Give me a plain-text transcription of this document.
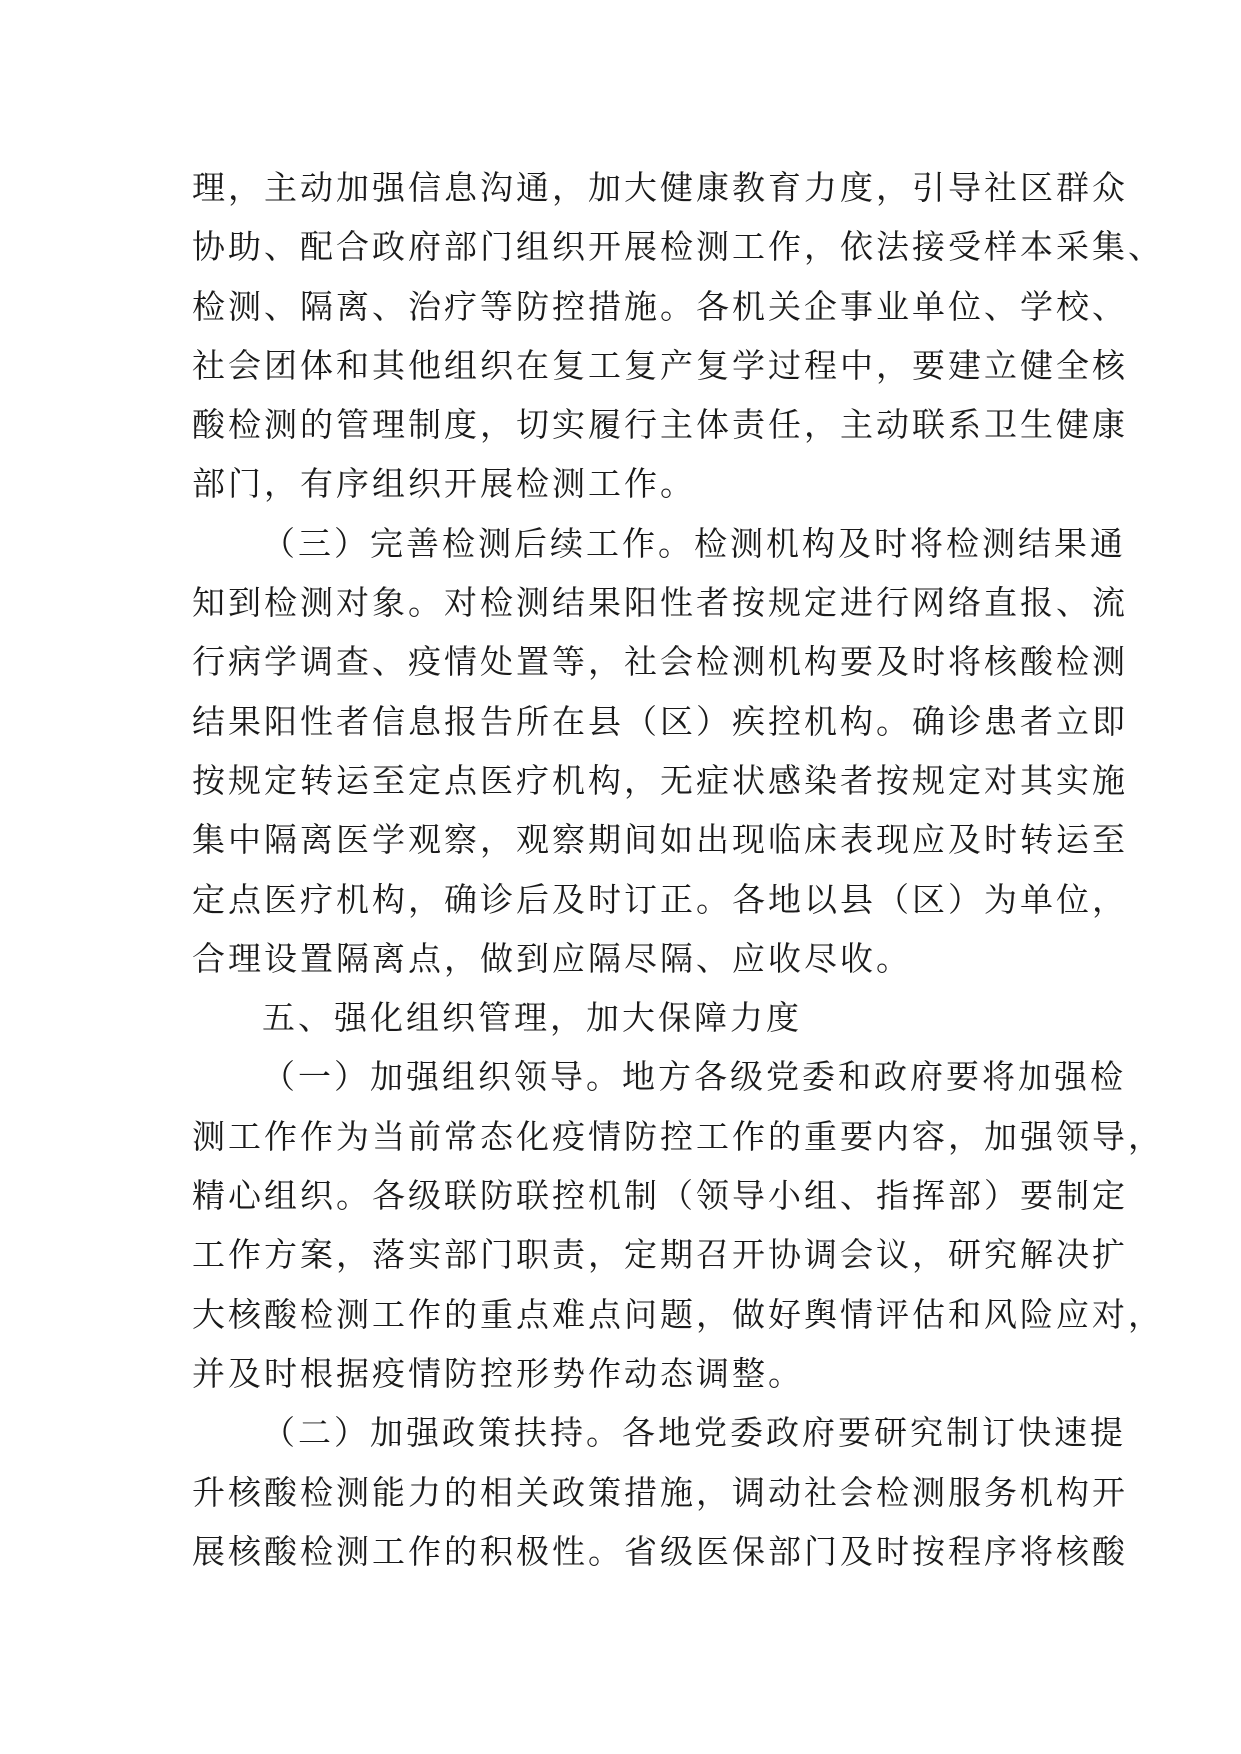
理，主动加强信息沟通，加大健康教育力度，引导社区群众
协助、配合政府部门组织开展检测工作，依法接受样本采集、
检测、隔离、治疗等防控措施。各机关企事业单位、学校、
社会团体和其他组织在复工复产复学过程中，要建立健全核
酸检测的管理制度，切实履行主体责任，主动联系卫生健康
部门，有序组织开展检测工作。
（三）完善检测后续工作。检测机构及时将检测结果通
知到检测对象。对检测结果阳性者按规定进行网络直报、流
行病学调查、疫情处置等，社会检测机构要及时将核酸检测
结果阳性者信息报告所在县（区）疾控机构。确诊患者立即
按规定转运至定点医疗机构，无症状感染者按规定对其实施
集中隔离医学观察，观察期间如出现临床表现应及时转运至
定点医疗机构，确诊后及时订正。各地以县（区）为单位，
合理设置隔离点，做到应隔尽隔、应收尽收。
五、强化组织管理，加大保障力度
（一）加强组织领导。地方各级党委和政府要将加强检
测工作作为当前常态化疫情防控工作的重要内容，加强领导，
精心组织。各级联防联控机制（领导小组、指挥部）要制定
工作方案，落实部门职责，定期召开协调会议，研究解决扩
大核酸检测工作的重点难点问题，做好舆情评估和风险应对，
并及时根据疫情防控形势作动态调整。
（二）加强政策扶持。各地党委政府要研究制订快速提
升核酸检测能力的相关政策措施，调动社会检测服务机构开
展核酸检测工作的积极性。省级医保部门及时按程序将核酸
